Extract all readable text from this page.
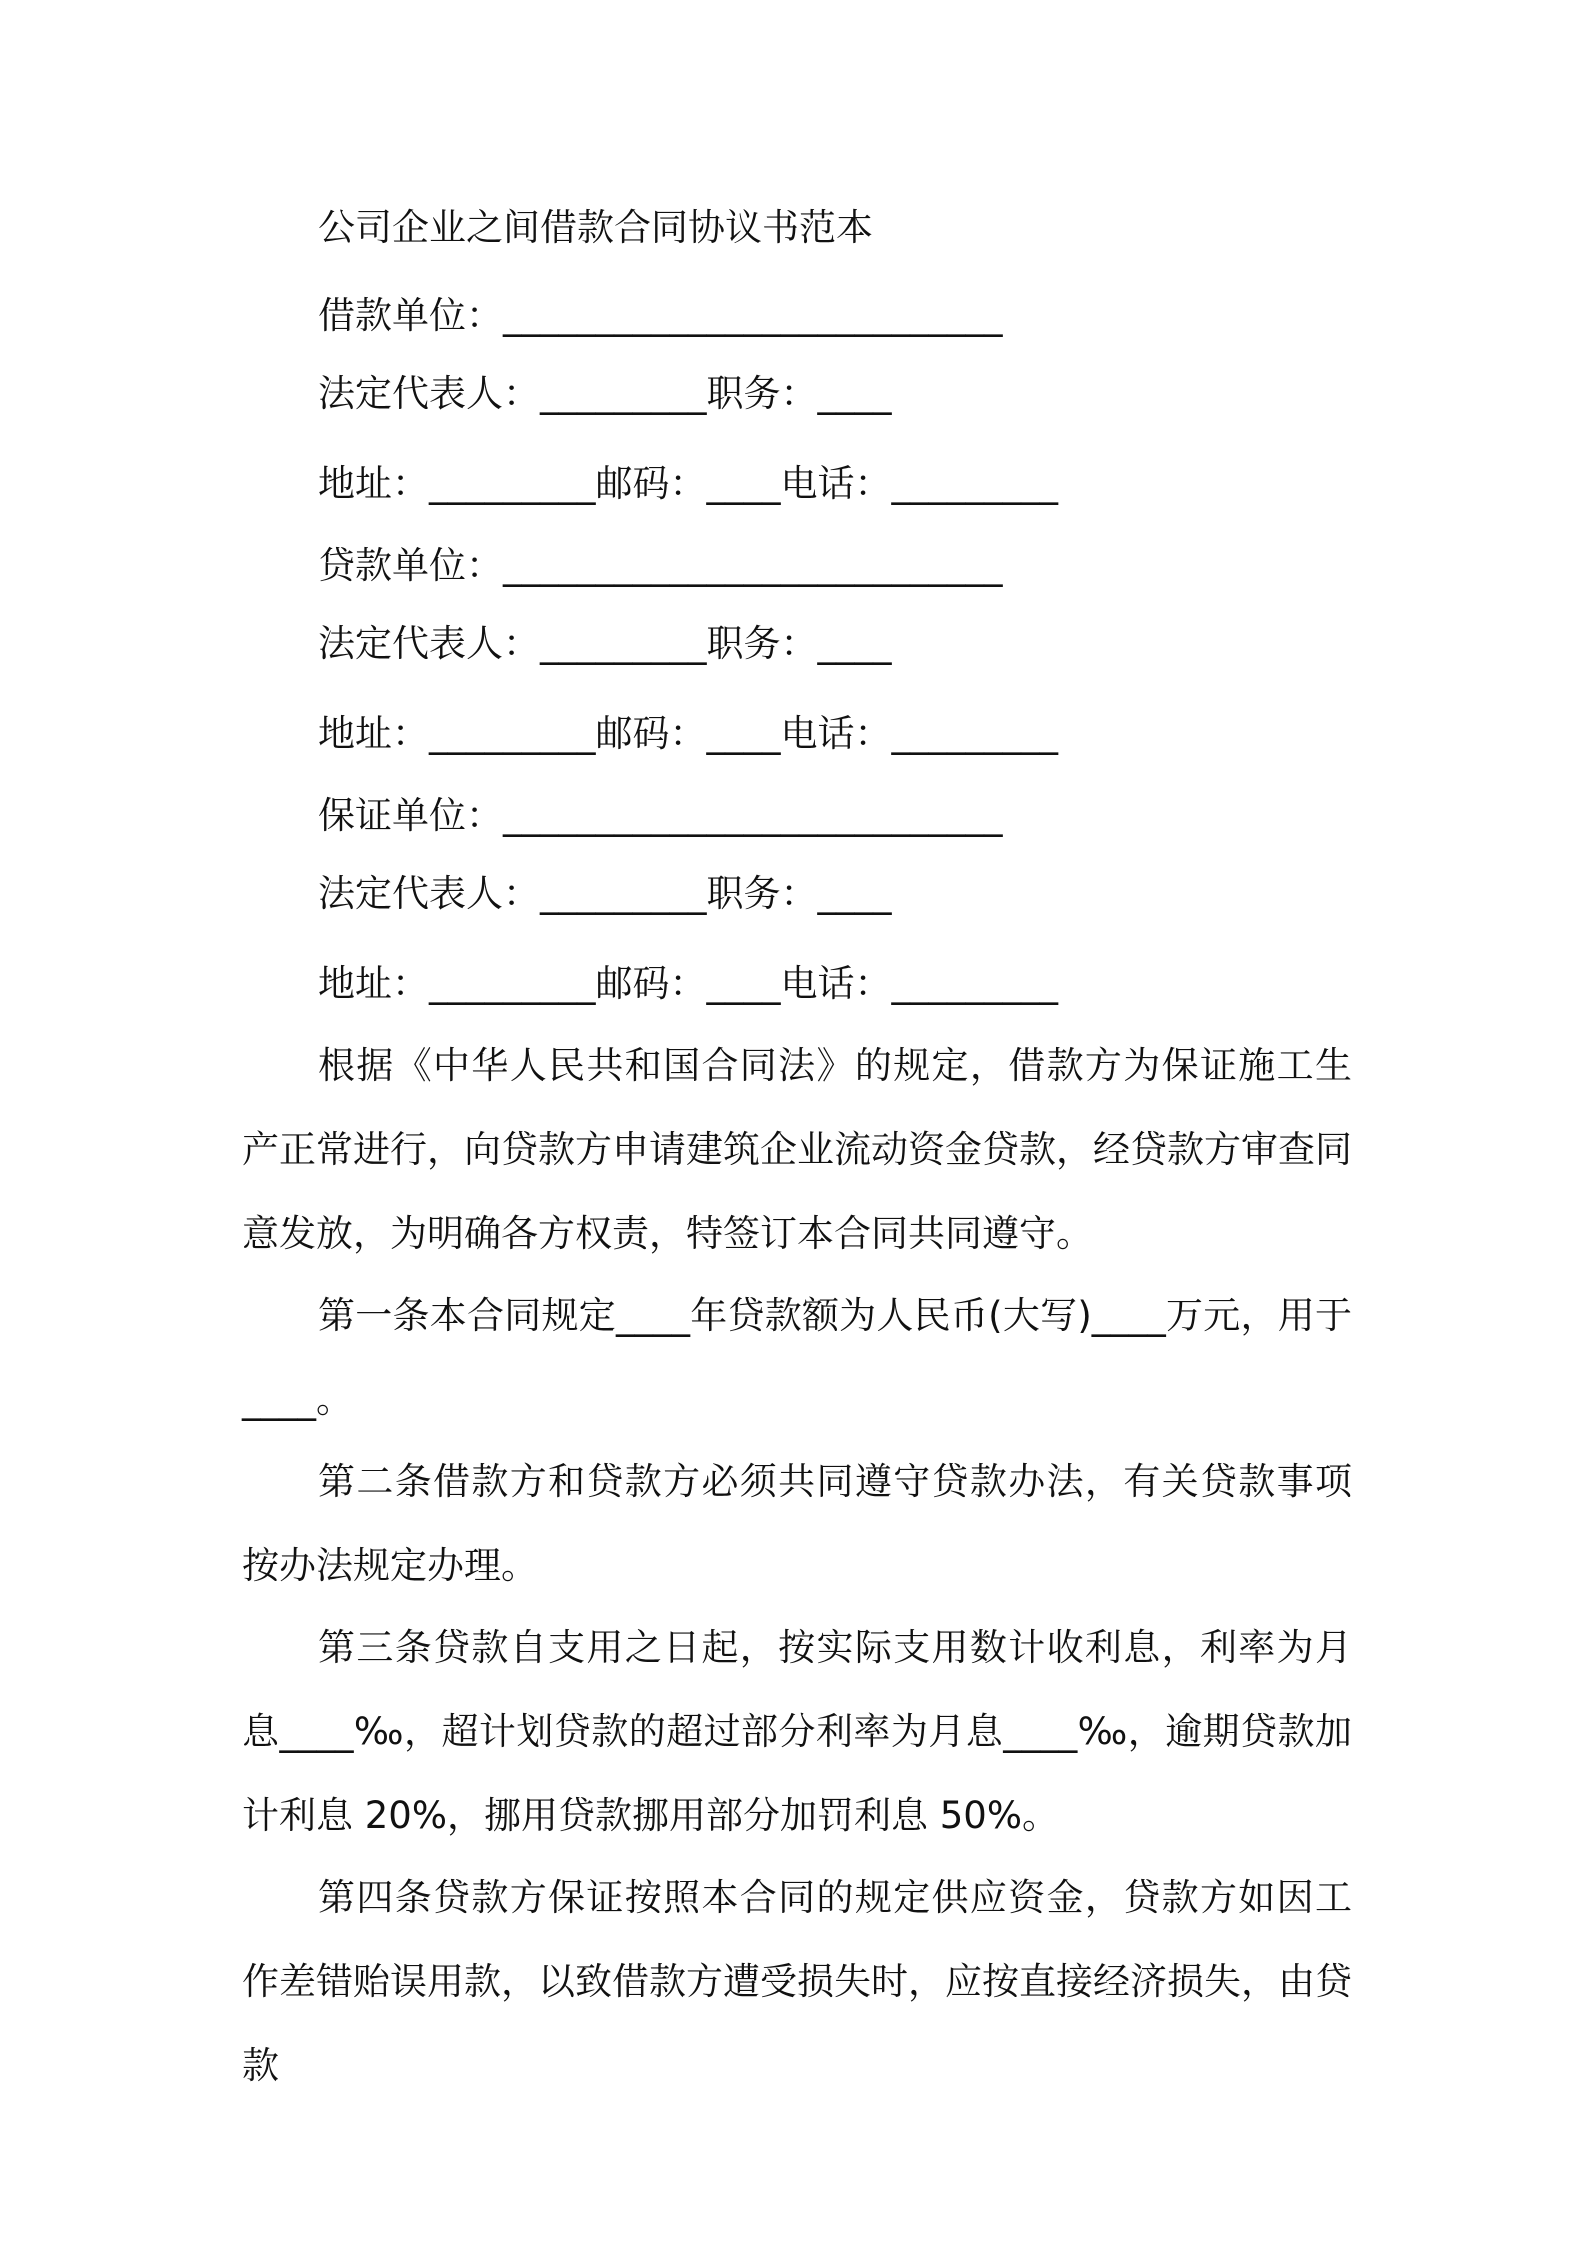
公司企业之间借款合同协议书范本

借款单位：___________________________

法定代表人：_________职务：____

地址：_________邮码：____电话：_________

贷款单位：___________________________

法定代表人：_________职务：____

地址：_________邮码：____电话：_________

保证单位：___________________________

法定代表人：_________职务：____

地址：_________邮码：____电话：_________

根据《中华人民共和国合同法》的规定，借款方为保证施工生产正常进行，向贷款方申请建筑企业流动资金贷款，经贷款方审查同意发放，为明确各方权责，特签订本合同共同遵守。

第一条本合同规定____年贷款额为人民币(大写)____万元，用于____。

第二条借款方和贷款方必须共同遵守贷款办法，有关贷款事项按办法规定办理。

第三条贷款自支用之日起，按实际支用数计收利息，利率为月息____‰，超计划贷款的超过部分利率为月息____‰，逾期贷款加计利息 20%，挪用贷款挪用部分加罚利息 50%。

第四条贷款方保证按照本合同的规定供应资金，贷款方如因工作差错贻误用款，以致借款方遭受损失时，应按直接经济损失，由贷款
